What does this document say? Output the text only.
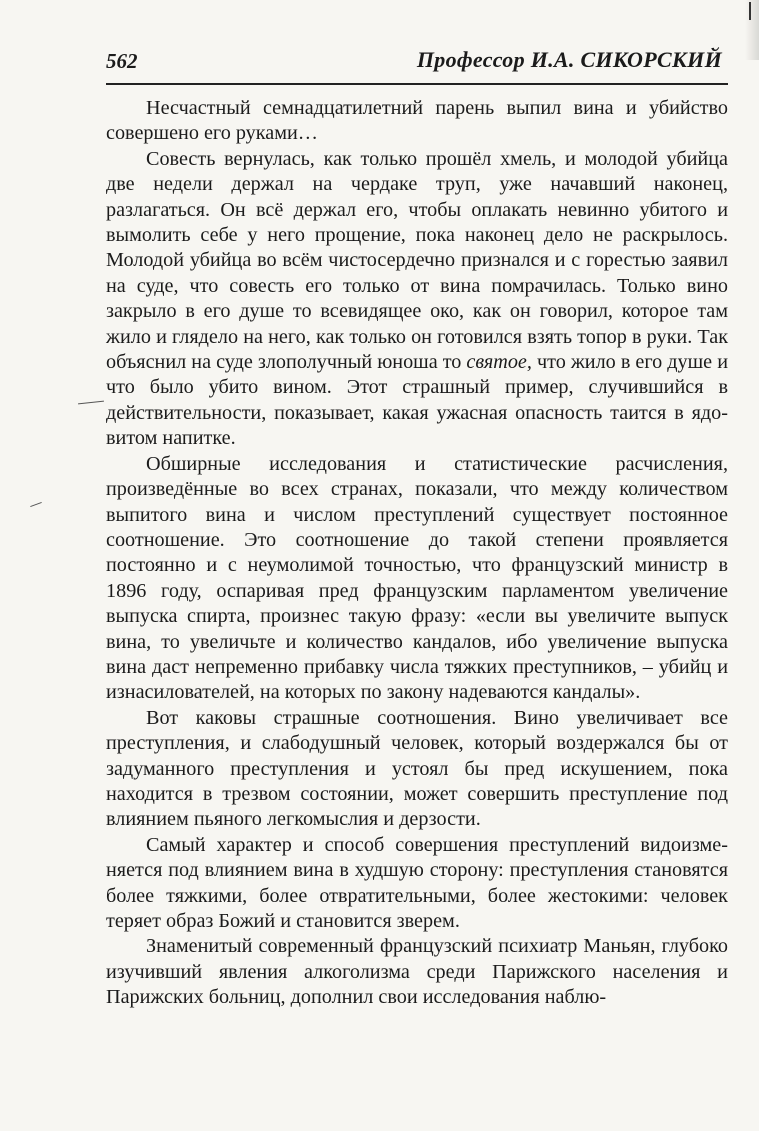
562	Профессор И.А. СИКОРСКИЙ

Несчастный семнадцатилетний парень выпил вина и убийство совершено его руками…

Совесть вернулась, как только прошёл хмель, и молодой убийца две недели держал на чердаке труп, уже начавший наконец, разлагаться. Он всё держал его, чтобы оплакать невинно убитого и вымолить себе у него прощение, пока наконец дело не раскрылось. Молодой убийца во всём чистосердечно признался и с горестью заявил на суде, что совесть его только от вина помрачилась. Только вино закрыло в его душе то всевидящее око, как он говорил, которое там жило и глядело на него, как только он готовился взять топор в руки. Так объяснил на суде злополучный юноша то святое, что жило в его душе и что было убито вином. Этот страшный пример, случившийся в действительности, показывает, какая ужасная опасность таится в ядовитом напитке.

Обширные исследования и статистические расчисления, произведённые во всех странах, показали, что между количеством выпитого вина и числом преступлений существует постоянное соотношение. Это соотношение до такой степени проявляется постоянно и с неумолимой точностью, что французский министр в 1896 году, оспаривая пред французским парламентом увеличение выпуска спирта, произнес такую фразу: «если вы увеличите выпуск вина, то увеличьте и количество кандалов, ибо увеличение выпуска вина даст непременно прибавку числа тяжких преступников, – убийц и изнасилователей, на которых по закону надеваются кандалы».

Вот каковы страшные соотношения. Вино увеличивает все преступления, и слабодушный человек, который воздержался бы от задуманного преступления и устоял бы пред искушением, пока находится в трезвом состоянии, может совершить преступление под влиянием пьяного легкомыслия и дерзости.

Самый характер и способ совершения преступлений видоизменяется под влиянием вина в худшую сторону: преступления становятся более тяжкими, более отвратительными, более жестокими: человек теряет образ Божий и становится зверем.

Знаменитый современный французский психиатр Маньян, глубоко изучивший явления алкоголизма среди Парижского населения и Парижских больниц, дополнил свои исследования наблю-
